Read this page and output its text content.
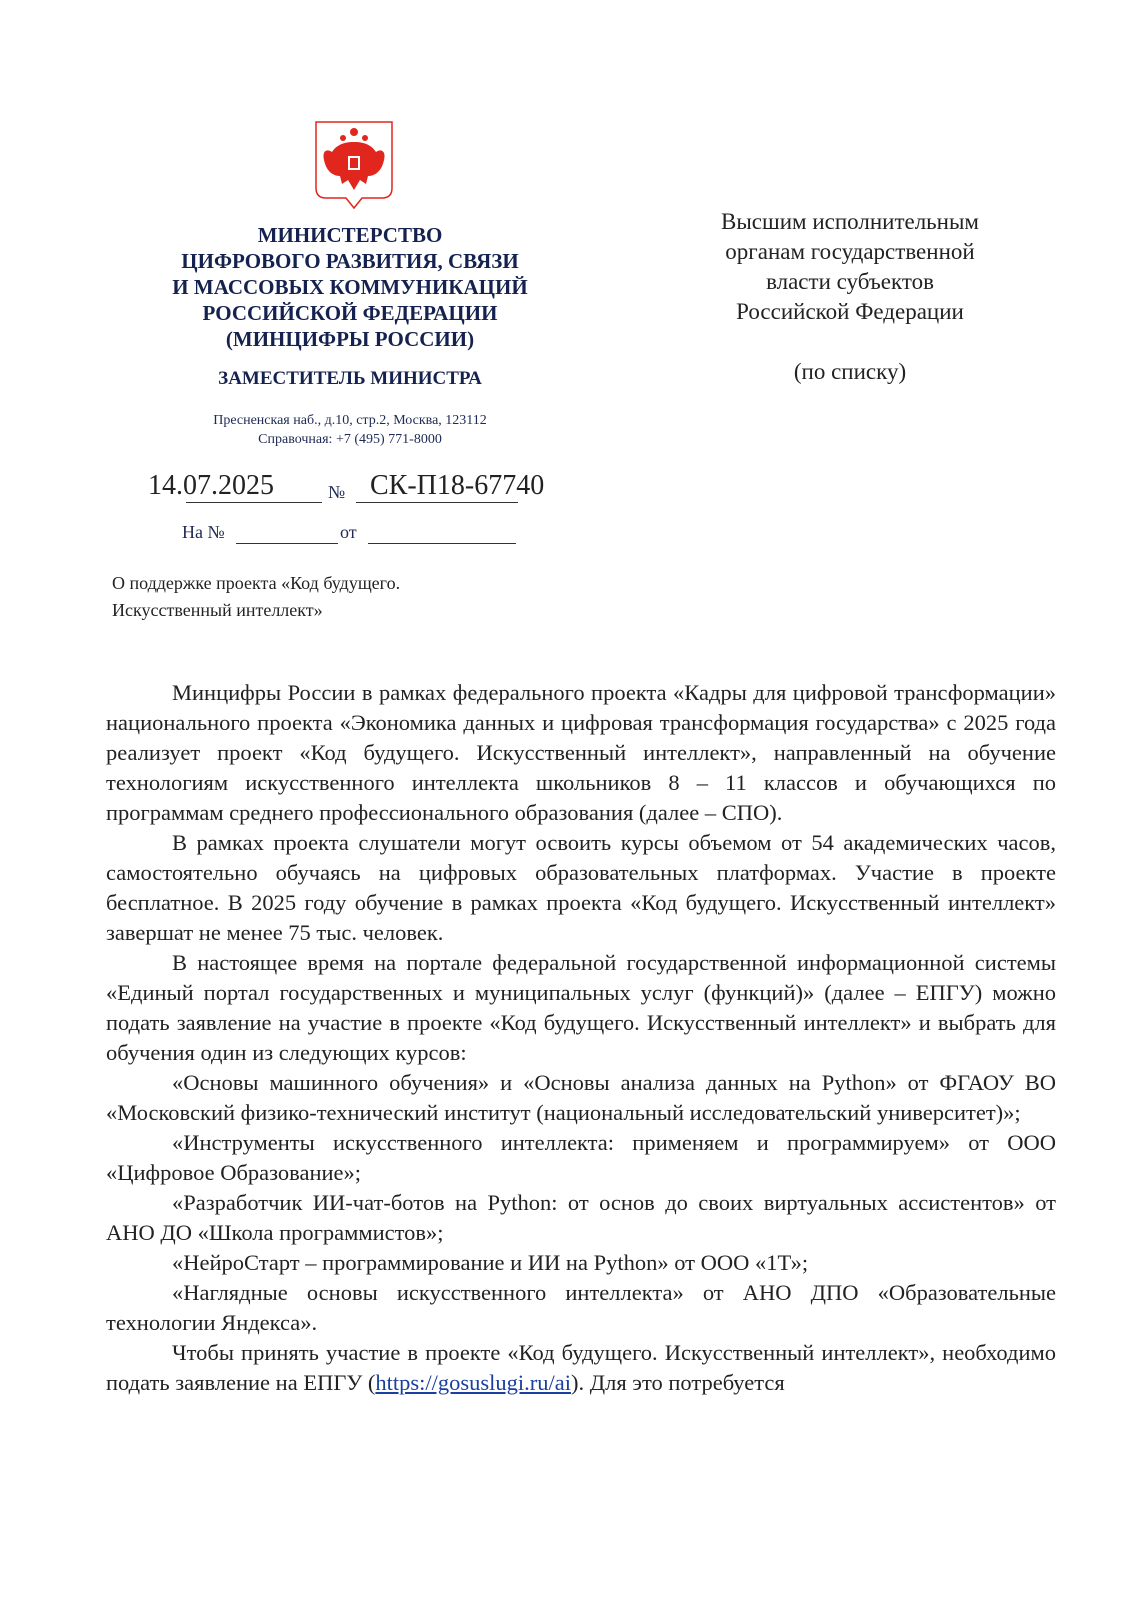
МИНИСТЕРСТВО
ЦИФРОВОГО РАЗВИТИЯ, СВЯЗИ
И МАССОВЫХ КОММУНИКАЦИЙ
РОССИЙСКОЙ ФЕДЕРАЦИИ
(МИНЦИФРЫ РОССИИ)
ЗАМЕСТИТЕЛЬ МИНИСТРА
Пресненская наб., д.10, стр.2, Москва, 123112
Справочная: +7 (495) 771-8000
14.07.2025	№ СК-П18-67740
На №	от
Высшим исполнительным
органам государственной
власти субъектов
Российской Федерации
(по списку)
О поддержке проекта «Код будущего.
Искусственный интеллект»

Минцифры России в рамках федерального проекта «Кадры для цифровой трансформации» национального проекта «Экономика данных и цифровая трансформация государства» с 2025 года реализует проект «Код будущего. Искусственный интеллект», направленный на обучение технологиям искусственного интеллекта школьников 8 – 11 классов и обучающихся по программам среднего профессионального образования (далее – СПО).

В рамках проекта слушатели могут освоить курсы объемом от 54 академических часов, самостоятельно обучаясь на цифровых образовательных платформах. Участие в проекте бесплатное. В 2025 году обучение в рамках проекта «Код будущего. Искусственный интеллект» завершат не менее 75 тыс. человек.

В настоящее время на портале федеральной государственной информационной системы «Единый портал государственных и муниципальных услуг (функций)» (далее – ЕПГУ) можно подать заявление на участие в проекте «Код будущего. Искусственный интеллект» и выбрать для обучения один из следующих курсов:

«Основы машинного обучения» и «Основы анализа данных на Python» от ФГАОУ ВО «Московский физико-технический институт (национальный исследовательский университет)»;

«Инструменты искусственного интеллекта: применяем и программируем» от ООО «Цифровое Образование»;

«Разработчик ИИ-чат-ботов на Python: от основ до своих виртуальных ассистентов» от АНО ДО «Школа программистов»;

«НейроСтарт – программирование и ИИ на Python» от ООО «1Т»;

«Наглядные основы искусственного интеллекта» от АНО ДПО «Образовательные технологии Яндекса».

Чтобы принять участие в проекте «Код будущего. Искусственный интеллект», необходимо подать заявление на ЕПГУ (https://gosuslugi.ru/ai). Для это потребуется
